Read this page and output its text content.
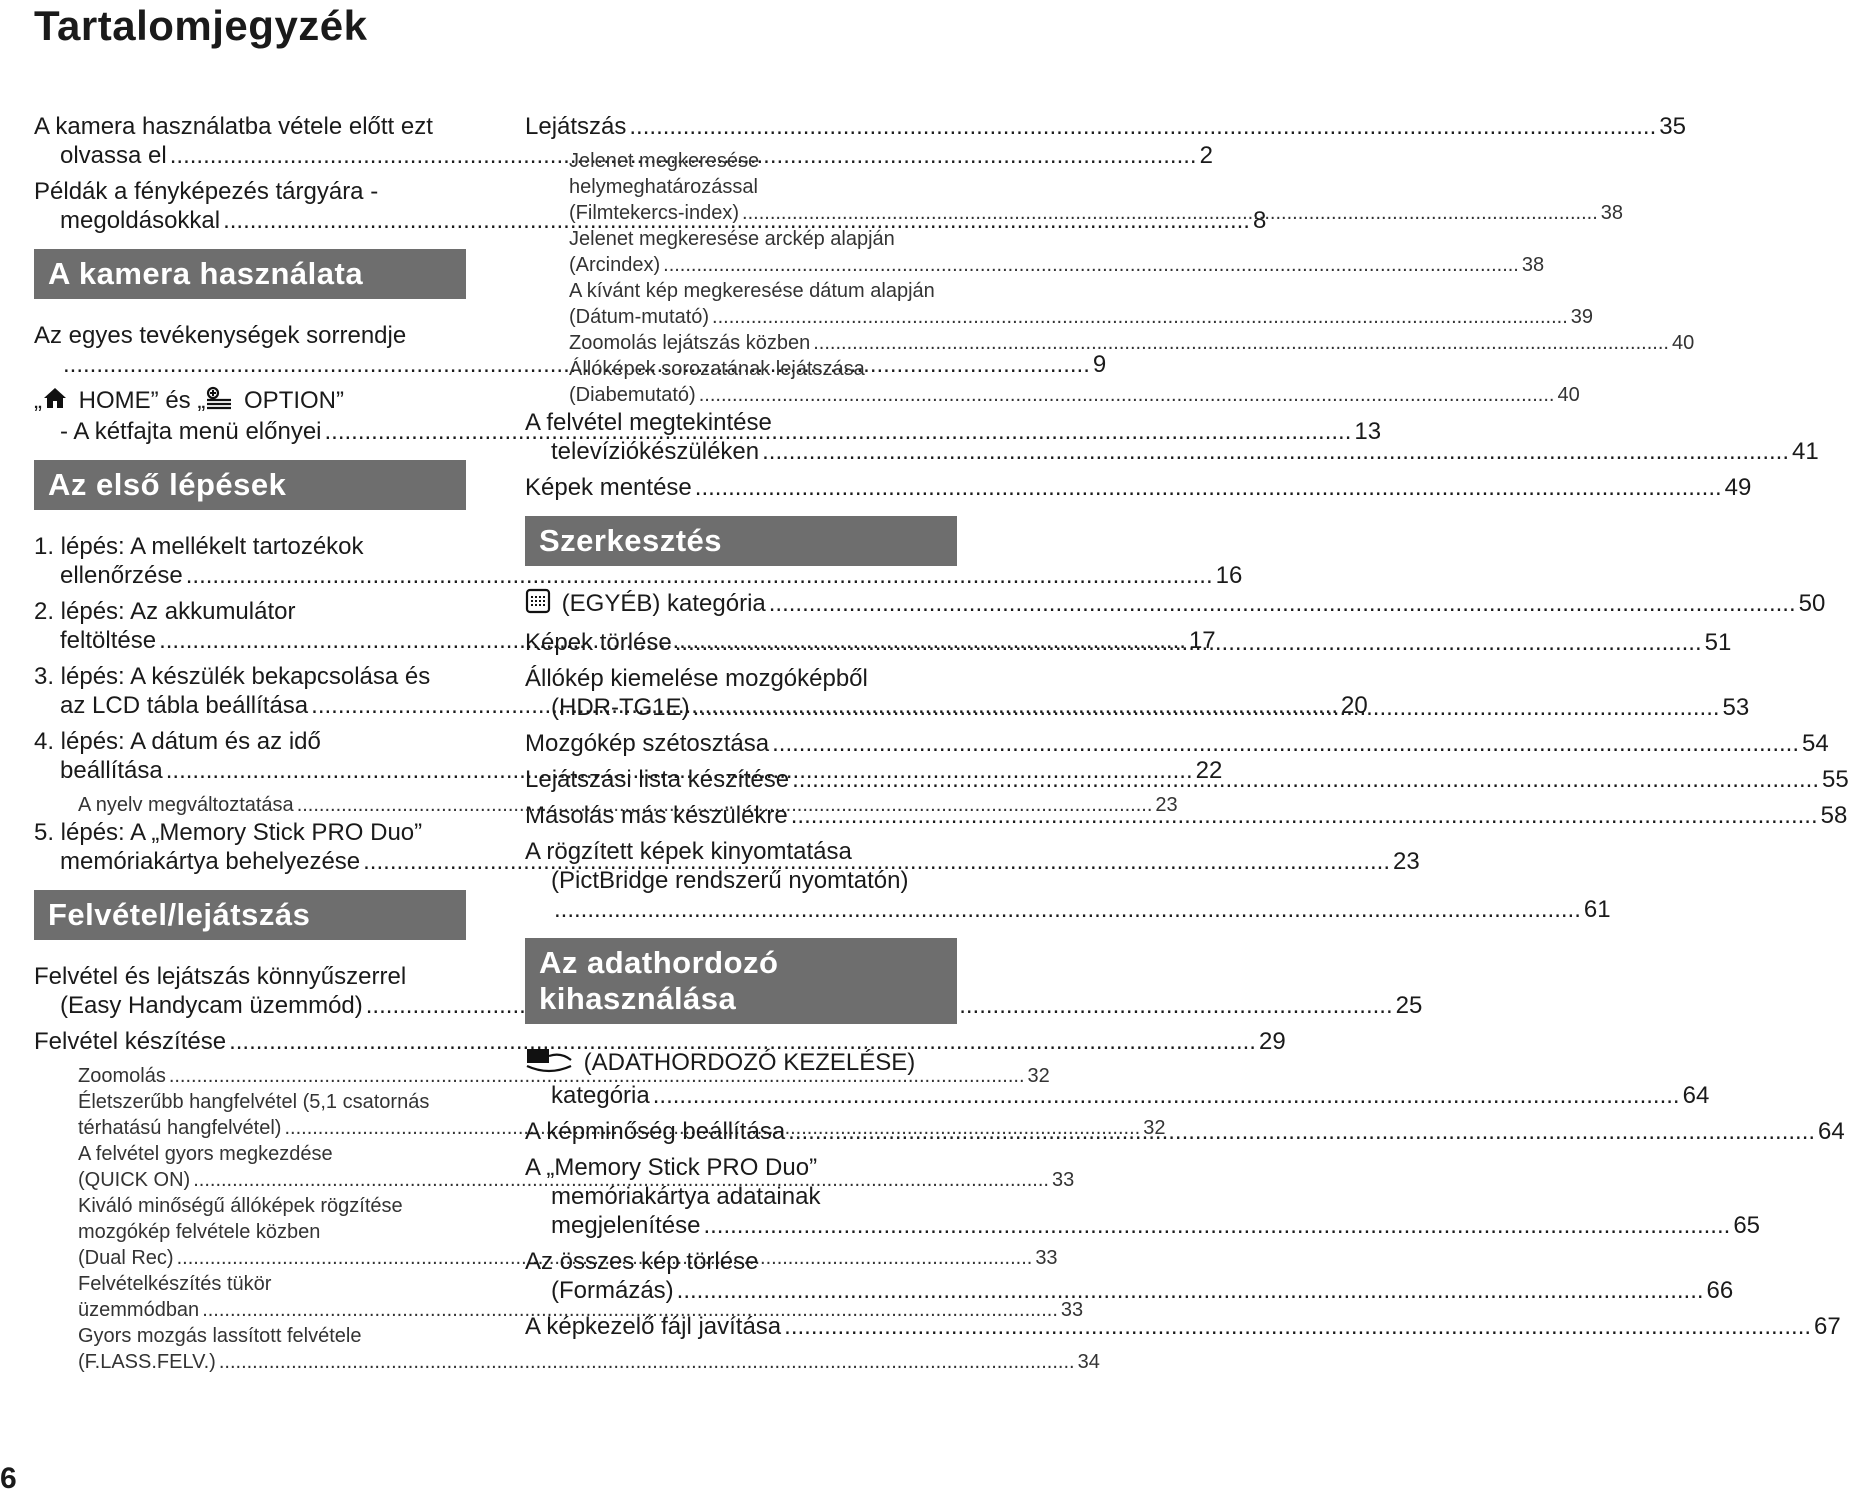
Tartalomjegyzék
A kamera használatba vétele előtt ezt
olvassa el .....	2
Példák a fényképezés tárgyára -
megoldásokkal .....	8
A kamera használata
Az egyes tevékenységek sorrendje
..... 9
„ HOME” és „ OPTION”
- A kétfajta menü előnyei .....	13
Az első lépések
1. lépés: A mellékelt tartozékok
ellenőrzése .....	16
2. lépés: Az akkumulátor
feltöltése .....	17
3. lépés: A készülék bekapcsolása és
az LCD tábla beállítása .....	20
4. lépés: A dátum és az idő
beállítása .....	22
A nyelv megváltoztatása .....	23
5. lépés: A „Memory Stick PRO Duo”
memóriakártya behelyezése .....	23
Felvétel/lejátszás
Felvétel és lejátszás könnyűszerrel
(Easy Handycam üzemmód) .....	25
Felvétel készítése .....	29
Zoomolás .....	32
Életszerűbb hangfelvétel (5,1 csatornás
térhatású hangfelvétel) .....	32
A felvétel gyors megkezdése
(QUICK ON) .....	33
Kiváló minőségű állóképek rögzítése
mozgókép felvétele közben
(Dual Rec) .....	33
Felvételkészítés tükör
üzemmódban .....	33
Gyors mozgás lassított felvétele
(F.LASS.FELV.) .....	34
Lejátszás .....	35
Jelenet megkeresése
helymeghatározással
(Filmtekercs-index) .....	38
Jelenet megkeresése arckép alapján
(Arcindex) .....	38
A kívánt kép megkeresése dátum alapján
(Dátum-mutató) .....	39
Zoomolás lejátszás közben .....	40
Állóképek sorozatának lejátszása
(Diabemutató) .....	40
A felvétel megtekintése
televíziókészüléken .....	41
Képek mentése .....	49
Szerkesztés
(EGYÉB) kategória .....	50
Képek törlése .....	51
Állókép kiemelése mozgóképből
(HDR-TG1E) .....	53
Mozgókép szétosztása .....	54
Lejátszási lista készítése .....	55
Másolás más készülékre .....	58
A rögzített képek kinyomtatása
(PictBridge rendszerű nyomtatón)
..... 61
Az adathordozó kihasználása
(ADATHORDOZÓ KEZELÉSE)
kategória .....	64
A képminőség beállítása .....	64
A „Memory Stick PRO Duo”
memóriakártya adatainak
megjelenítése .....	65
Az összes kép törlése
(Formázás) .....	66
A képkezelő fájl javítása .....	67
6
